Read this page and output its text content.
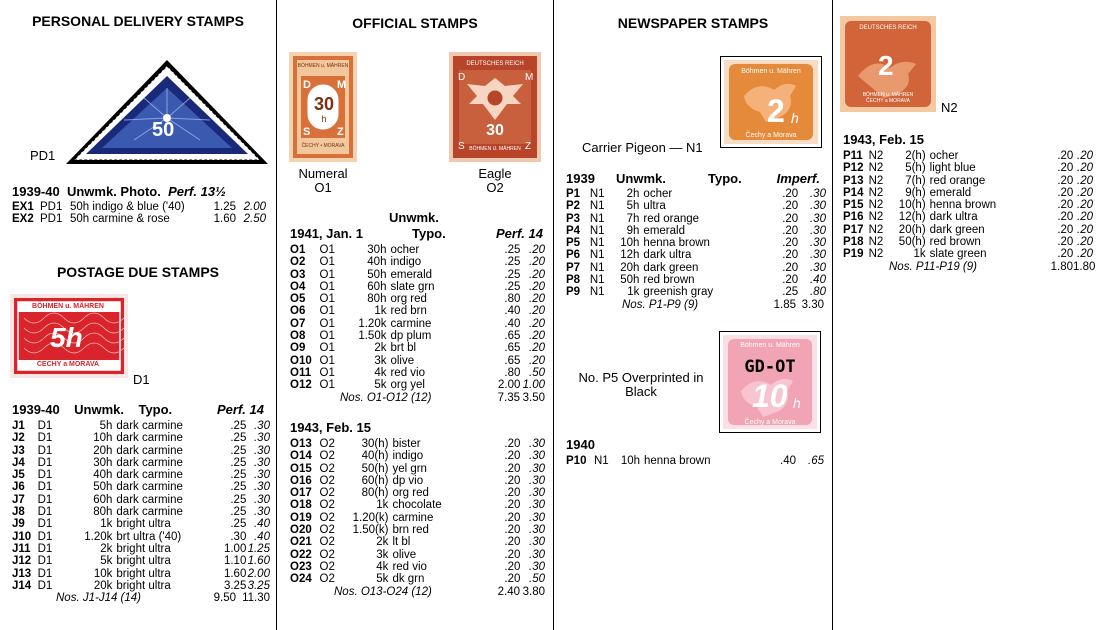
PERSONAL DELIVERY STAMPS
50
PD1
1939-40 Unwmk. Photo. Perf. 13½
EX1 PD1 50h indigo & blue ('40)	1.25 2.00
EX2 PD1 50h carmine & rose	1.60 2.50
POSTAGE DUE STAMPS
BÖHMEN u. MÄHREN
5h
ČECHY a MORAVA
D1
1939-40 Unwmk. Typo.	Perf. 14
J1	D1	5h dark carmine	.25 .30
J2	D1	10h dark carmine	.25 .30
J3	D1	20h dark carmine	.25 .30
J4	D1	30h dark carmine	.25 .30
J5	D1	40h dark carmine	.25 .30
J6	D1	50h dark carmine	.25 .30
J7	D1	60h dark carmine	.25 .30
J8	D1	80h dark carmine	.25 .30
J9	D1	1k bright ultra	.25 .40
J10 D1	1.20k brt ultra ('40)	.30 .40
J11 D1	2k bright ultra	1.00 1.25
J12 D1	5k bright ultra	1.10 1.60
J13 D1	10k bright ultra	1.60 2.00
J14 D1	20k bright ultra	3.25 3.25
Nos. J1-J14 (14)	9.50 11.30
OFFICIAL STAMPS
BÖHMEN u. MÄHREN
D M
S Z
30
h
ČECHY • MORAVA
Numeral
O1
DEUTSCHES REICH
D	M
S	Z
30
BÖHMEN U. MÄHREN
Eagle
O2
Unwmk.
1941, Jan. 1	Typo.	Perf. 14
O1	O1	30h ocher	.25 .20
O2	O1	40h indigo	.25 .20
O3	O1	50h emerald	.25 .20
O4	O1	60h slate grn	.25 .20
O5	O1	80h org red	.80 .20
O6	O1	1k red brn	.40 .20
O7	O1	1.20k carmine	.40 .20
O8	O1	1.50k dp plum	.65 .20
O9	O1	2k brt bl	.65 .20
O10 O1	3k olive	.65 .20
O11 O1	4k red vio	.80 .50
O12 O1	5k org yel	2.00 1.00
Nos. O1-O12 (12)	7.35 3.50
1943, Feb. 15
O13 O2	30(h) bister	.20 .30
O14 O2	40(h) indigo	.20 .30
O15 O2	50(h) yel grn	.20 .30
O16 O2	60(h) dp vio	.20 .30
O17 O2	80(h) org red	.20 .30
O18 O2	1k chocolate	.20 .30
O19 O2	1.20(k) carmine	.20 .30
O20 O2	1.50(k) brn red	.20 .30
O21 O2	2k lt bl	.20 .30
O22 O2	3k olive	.20 .30
O23 O2	4k red vio	.20 .30
O24 O2	5k dk grn	.20 .50
Nos. O13-O24 (12)	2.40 3.80
NEWSPAPER STAMPS
Böhmen u. Mähren
2 h
Čechy a Morava
Carrier Pigeon — N1
1939 Unwmk.	Typo.	Imperf.
P1 N1	2h ocher	.20	.30
P2 N1	5h ultra	.20	.30
P3 N1	7h red orange	.20	.30
P4 N1	9h emerald	.20	.30
P5 N1	10h henna brown	.20	.30
P6 N1	12h dark ultra	.20	.30
P7 N1	20h dark green	.20	.30
P8 N1	50h red brown	.20	.40
P9 N1	1k greenish gray	.25	.80
Nos. P1-P9 (9)	1.85 3.30
Böhmen u. Mähren
GD-OT
10 h
Čechy a Morava
No. P5 Overprinted in Black
1940
P10 N1	10h henna brown	.40	.65
DEUTSCHES REICH
2
BÖHMEN u. MÄHREN
ČECHY a MORAVA	N2
1943, Feb. 15
P11 N2	2(h) ocher	.20 .20
P12 N2	5(h) light blue	.20 .20
P13 N2	7(h) red orange	.20 .20
P14 N2	9(h) emerald	.20 .20
P15 N2	10(h) henna brown	.20 .20
P16 N2	12(h) dark ultra	.20 .20
P17 N2	20(h) dark green	.20 .20
P18 N2	50(h) red brown	.20 .20
P19 N2	1k slate green	.20 .20
Nos. P11-P19 (9)	1.80 1.80
